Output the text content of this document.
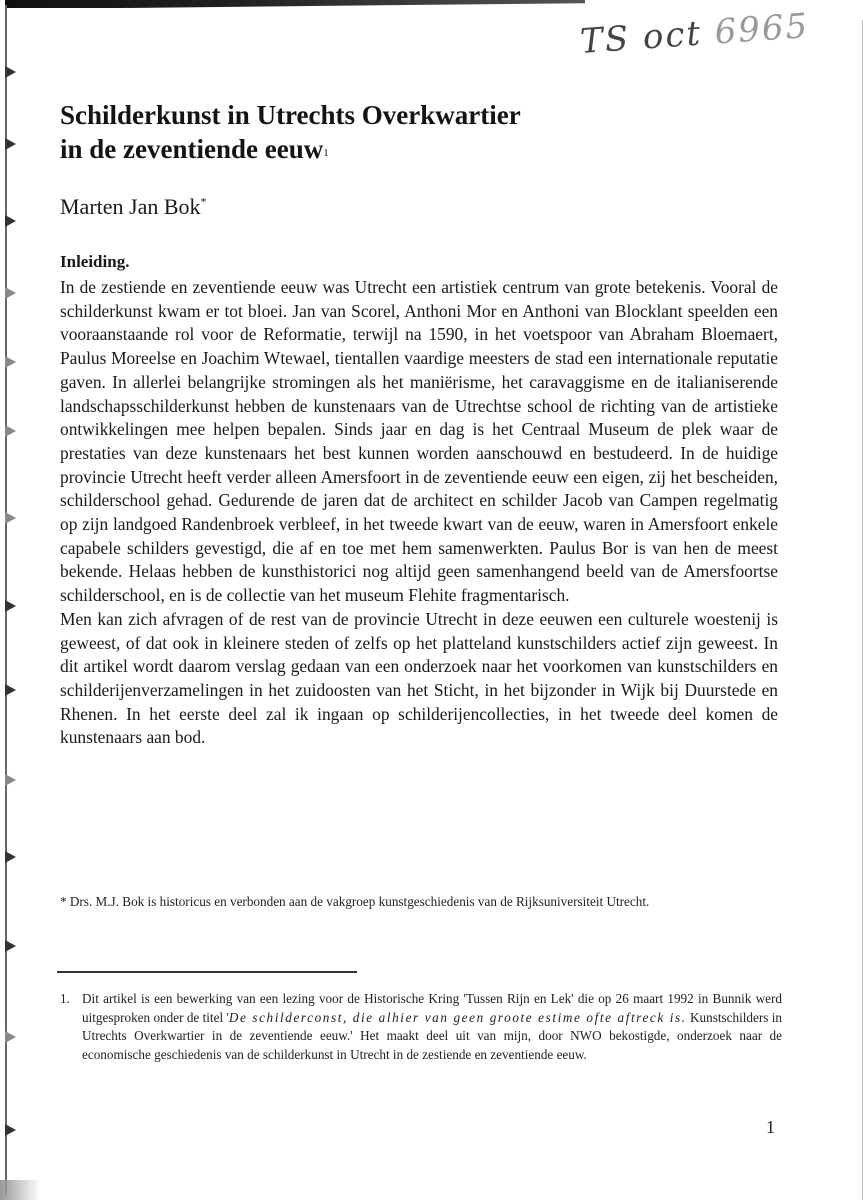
TS oct 6965
Schilderkunst in Utrechts Overkwartier
in de zeventiende eeuw$^1$
Marten Jan Bok*
Inleiding.

In de zestiende en zeventiende eeuw was Utrecht een artistiek centrum van grote betekenis. Vooral de schilderkunst kwam er tot bloei. Jan van Scorel, Anthoni Mor en Anthoni van Blocklant speelden een vooraanstaande rol voor de Reformatie, terwijl na 1590, in het voetspoor van Abraham Bloemaert, Paulus Moreelse en Joachim Wtewael, tientallen vaardige meesters de stad een internationale reputatie gaven. In allerlei belangrijke stromingen als het maniërisme, het caravaggisme en de italianiserende landschapsschilderkunst hebben de kunstenaars van de Utrechtse school de richting van de artistieke ontwikkelingen mee helpen bepalen. Sinds jaar en dag is het Centraal Museum de plek waar de prestaties van deze kunstenaars het best kunnen worden aanschouwd en bestudeerd. In de huidige provincie Utrecht heeft verder alleen Amersfoort in de zeventiende eeuw een eigen, zij het bescheiden, schilderschool gehad. Gedurende de jaren dat de architect en schilder Jacob van Campen regelmatig op zijn landgoed Randenbroek verbleef, in het tweede kwart van de eeuw, waren in Amersfoort enkele capabele schilders gevestigd, die af en toe met hem samenwerkten. Paulus Bor is van hen de meest bekende. Helaas hebben de kunsthistorici nog altijd geen samenhangend beeld van de Amersfoortse schilderschool, en is de collectie van het museum Flehite fragmentarisch.

Men kan zich afvragen of de rest van de provincie Utrecht in deze eeuwen een culturele woestenij is geweest, of dat ook in kleinere steden of zelfs op het platteland kunstschilders actief zijn geweest. In dit artikel wordt daarom verslag gedaan van een onderzoek naar het voorkomen van kunstschilders en schilderijenverzamelingen in het zuidoosten van het Sticht, in het bijzonder in Wijk bij Duurstede en Rhenen. In het eerste deel zal ik ingaan op schilderijencollecties, in het tweede deel komen de kunstenaars aan bod.

* Drs. M.J. Bok is historicus en verbonden aan de vakgroep kunstgeschiedenis van de Rijksuniversiteit Utrecht.
1. Dit artikel is een bewerking van een lezing voor de Historische Kring 'Tussen Rijn en Lek' die op 26 maart 1992 in Bunnik werd uitgesproken onder de titel 'De schilderconst, die alhier van geen groote estime ofte aftreck is. Kunstschilders in Utrechts Overkwartier in de zeventiende eeuw.' Het maakt deel uit van mijn, door NWO bekostigde, onderzoek naar de economische geschiedenis van de schilderkunst in Utrecht in de zestiende en zeventiende eeuw.
1
